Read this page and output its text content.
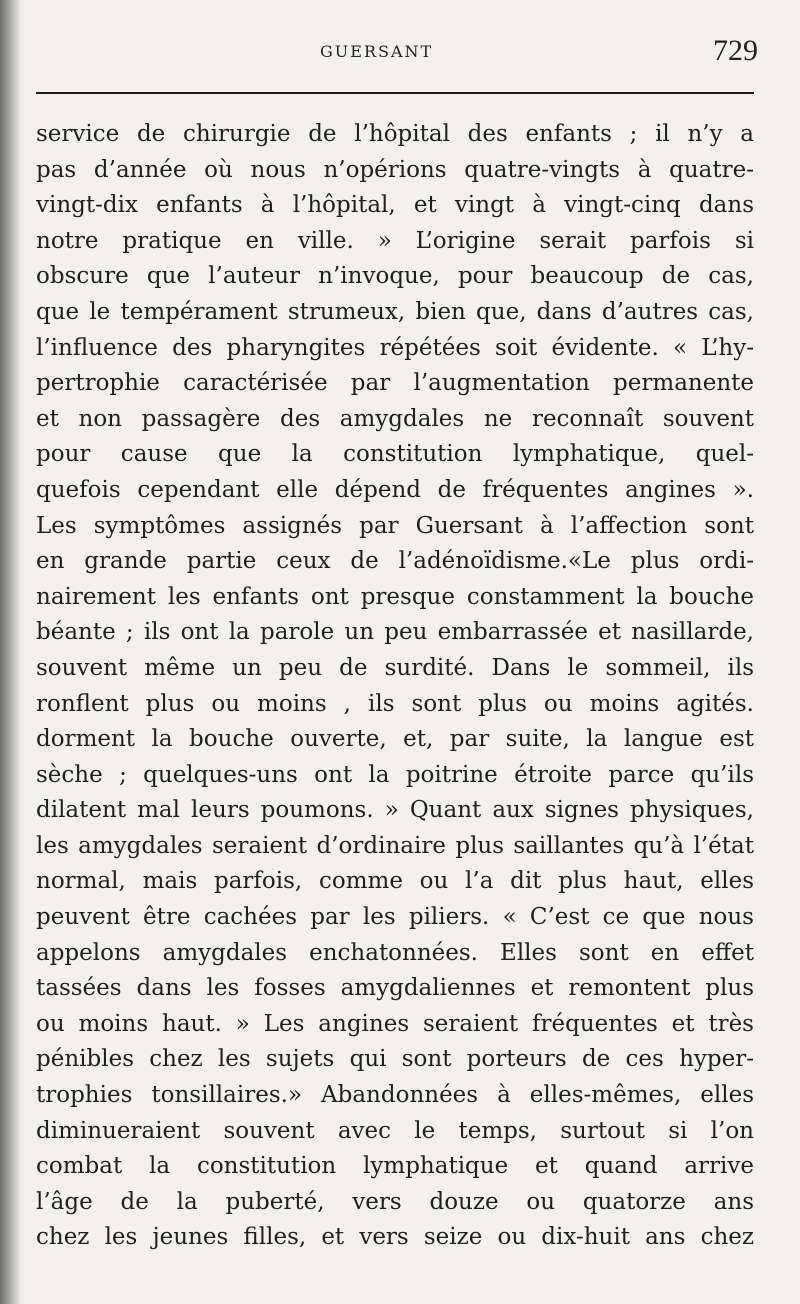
GUERSANT	729
service de chirurgie de l’hôpital des enfants ; il n’y a
pas d’année où nous n’opérions quatre-vingts à quatre-
vingt-dix enfants à l’hôpital, et vingt à vingt-cinq dans
notre pratique en ville. » L’origine serait parfois si
obscure que l’auteur n’invoque, pour beaucoup de cas,
que le tempérament strumeux, bien que, dans d’autres cas,
l’influence des pharyngites répétées soit évidente. « L’hy-
pertrophie caractérisée par l’augmentation permanente
et non passagère des amygdales ne reconnaît souvent
pour cause que la constitution lymphatique, quel-
quefois cependant elle dépend de fréquentes angines ».
Les symptômes assignés par Guersant à l’affection sont
en grande partie ceux de l’adénoïdisme.«Le plus ordi-
nairement les enfants ont presque constamment la bouche
béante ; ils ont la parole un peu embarrassée et nasillarde,
souvent même un peu de surdité. Dans le sommeil, ils
ronflent plus ou moins , ils sont plus ou moins agités.
dorment la bouche ouverte, et, par suite, la langue est
sèche ; quelques-uns ont la poitrine étroite parce qu’ils
dilatent mal leurs poumons. » Quant aux signes physiques,
les amygdales seraient d’ordinaire plus saillantes qu’à l’état
normal, mais parfois, comme ou l’a dit plus haut, elles
peuvent être cachées par les piliers. « C’est ce que nous
appelons amygdales enchatonnées. Elles sont en effet
tassées dans les fosses amygdaliennes et remontent plus
ou moins haut. » Les angines seraient fréquentes et très
pénibles chez les sujets qui sont porteurs de ces hyper-
trophies tonsillaires.» Abandonnées à elles-mêmes, elles
diminueraient souvent avec le temps, surtout si l’on
combat la constitution lymphatique et quand arrive
l’âge de la puberté, vers douze ou quatorze ans
chez les jeunes filles, et vers seize ou dix-huit ans chez
